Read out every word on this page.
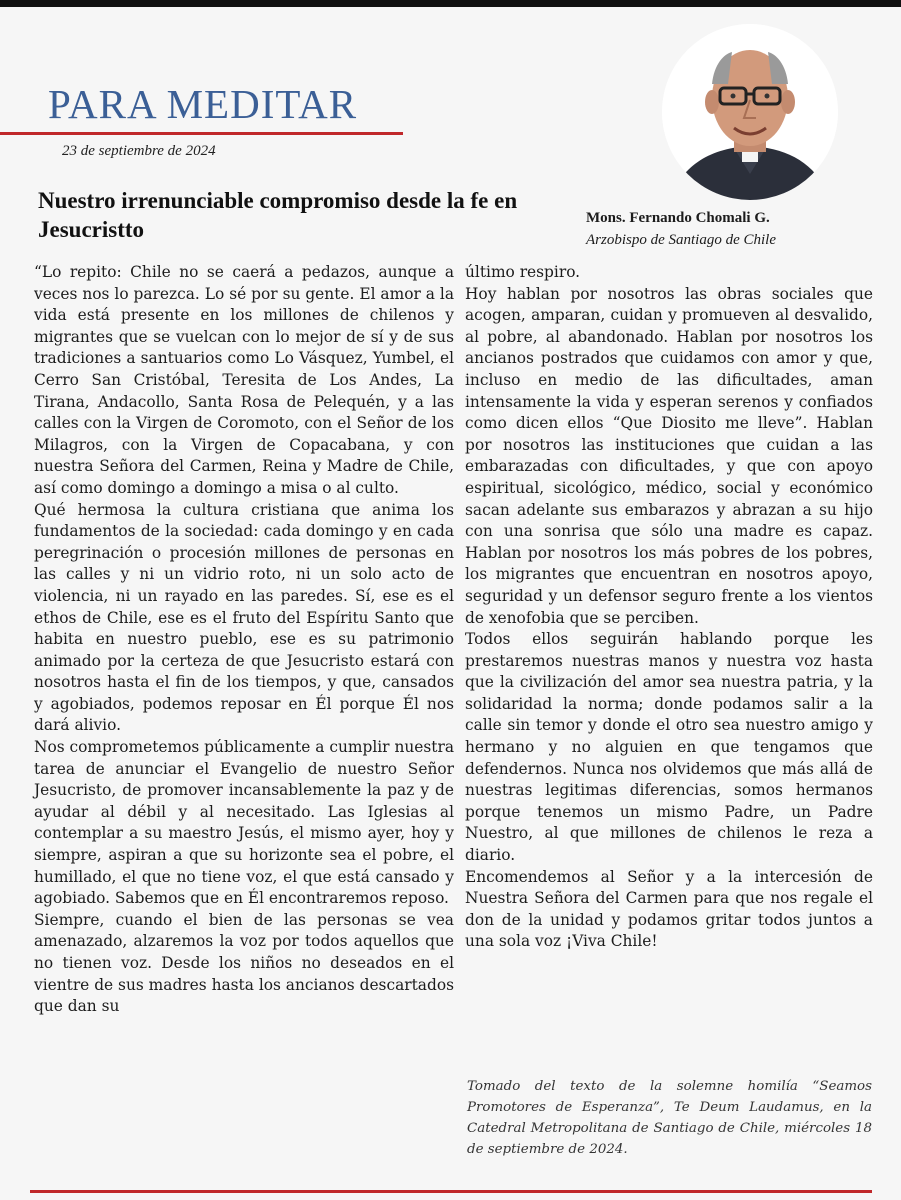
PARA MEDITAR
23 de septiembre de 2024
Nuestro irrenunciable compromiso desde la fe en Jesucristto	Mons. Fernando Chomali G.
Arzobispo de Santiago de Chile

“Lo repito: Chile no se caerá a pedazos, aunque a veces nos lo parezca. Lo sé por su gente. El amor a la vida está presente en los millones de chilenos y migrantes que se vuelcan con lo mejor de sí y de sus tradiciones a santuarios como Lo Vásquez, Yumbel, el Cerro San Cristóbal, Teresita de Los Andes, La Tirana, Andacollo, Santa Rosa de Pelequén, y a las calles con la Virgen de Coromoto, con el Señor de los Milagros, con la Virgen de Copacabana, y con nuestra Señora del Carmen, Reina y Madre de Chile, así como domingo a domingo a misa o al culto.

Qué hermosa la cultura cristiana que anima los fundamentos de la sociedad: cada domingo y en cada peregrinación o procesión millones de personas en las calles y ni un vidrio roto, ni un solo acto de violencia, ni un rayado en las paredes. Sí, ese es el ethos de Chile, ese es el fruto del Espíritu Santo que habita en nuestro pueblo, ese es su patrimonio animado por la certeza de que Jesucristo estará con nosotros hasta el fin de los tiempos, y que, cansados y agobiados, podemos reposar en Él porque Él nos dará alivio.

Nos comprometemos públicamente a cumplir nuestra tarea de anunciar el Evangelio de nuestro Señor Jesucristo, de promover incansablemente la paz y de ayudar al débil y al necesitado. Las Iglesias al contemplar a su maestro Jesús, el mismo ayer, hoy y siempre, aspiran a que su horizonte sea el pobre, el humillado, el que no tiene voz, el que está cansado y agobiado. Sabemos que en Él encontraremos reposo.

Siempre, cuando el bien de las personas se vea amenazado, alzaremos la voz por todos aquellos que no tienen voz. Desde los niños no deseados en el vientre de sus madres hasta los ancianos descartados que dan su

último respiro.

Hoy hablan por nosotros las obras sociales que acogen, amparan, cuidan y promueven al desvalido, al pobre, al abandonado. Hablan por nosotros los ancianos postrados que cuidamos con amor y que, incluso en medio de las dificultades, aman intensamente la vida y esperan serenos y confiados como dicen ellos “Que Diosito me lleve”. Hablan por nosotros las instituciones que cuidan a las embarazadas con dificultades, y que con apoyo espiritual, sicológico, médico, social y económico sacan adelante sus embarazos y abrazan a su hijo con una sonrisa que sólo una madre es capaz. Hablan por nosotros los más pobres de los pobres, los migrantes que encuentran en nosotros apoyo, seguridad y un defensor seguro frente a los vientos de xenofobia que se perciben.

Todos ellos seguirán hablando porque les prestaremos nuestras manos y nuestra voz hasta que la civilización del amor sea nuestra patria, y la solidaridad la norma; donde podamos salir a la calle sin temor y donde el otro sea nuestro amigo y hermano y no alguien en que tengamos que defendernos. Nunca nos olvidemos que más allá de nuestras legitimas diferencias, somos hermanos porque tenemos un mismo Padre, un Padre Nuestro, al que millones de chilenos le reza a diario.

Encomendemos al Señor y a la intercesión de Nuestra Señora del Carmen para que nos regale el don de la unidad y podamos gritar todos juntos a una sola voz ¡Viva Chile!

Tomado del texto de la solemne homilía “Seamos Promotores de Esperanza”, Te Deum Laudamus, en la Catedral Metropolitana de Santiago de Chile, miércoles 18 de septiembre de 2024.
